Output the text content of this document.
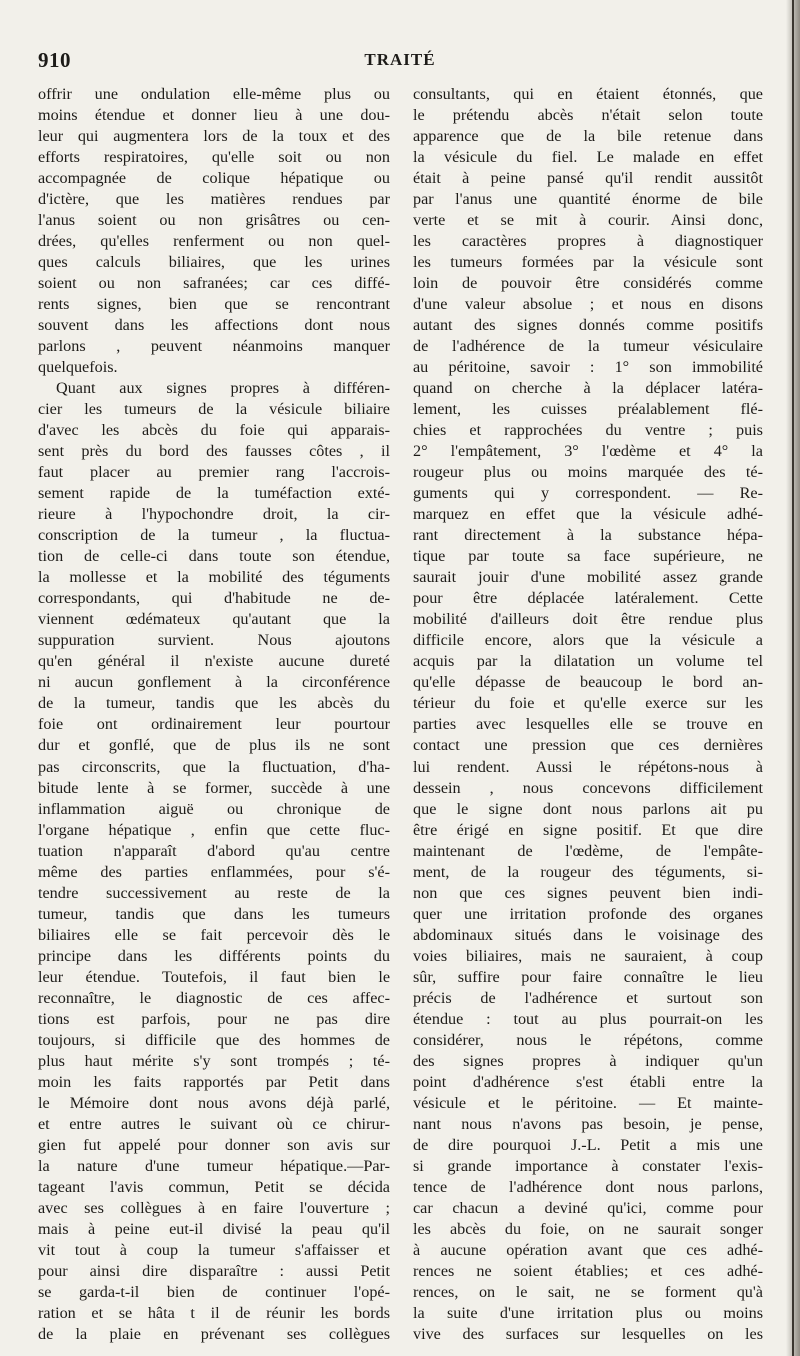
910	TRAITÉ
offrir une ondulation elle-même plus ou
moins étendue et donner lieu à une dou-
leur qui augmentera lors de la toux et des
efforts respiratoires, qu'elle soit ou non
accompagnée de colique hépatique ou
d'ictère, que les matières rendues par
l'anus soient ou non grisâtres ou cen-
drées, qu'elles renferment ou non quel-
ques calculs biliaires, que les urines
soient ou non safranées; car ces diffé-
rents signes, bien que se rencontrant
souvent dans les affections dont nous
parlons , peuvent néanmoins manquer
quelquefois.
Quant aux signes propres à différen-
cier les tumeurs de la vésicule biliaire
d'avec les abcès du foie qui apparais-
sent près du bord des fausses côtes , il
faut placer au premier rang l'accrois-
sement rapide de la tuméfaction exté-
rieure à l'hypochondre droit, la cir-
conscription de la tumeur , la fluctua-
tion de celle-ci dans toute son étendue,
la mollesse et la mobilité des téguments
correspondants, qui d'habitude ne de-
viennent œdémateux qu'autant que la
suppuration survient. Nous ajoutons
qu'en général il n'existe aucune dureté
ni aucun gonflement à la circonférence
de la tumeur, tandis que les abcès du
foie ont ordinairement leur pourtour
dur et gonflé, que de plus ils ne sont
pas circonscrits, que la fluctuation, d'ha-
bitude lente à se former, succède à une
inflammation aiguë ou chronique de
l'organe hépatique , enfin que cette fluc-
tuation n'apparaît d'abord qu'au centre
même des parties enflammées, pour s'é-
tendre successivement au reste de la
tumeur, tandis que dans les tumeurs
biliaires elle se fait percevoir dès le
principe dans les différents points du
leur étendue. Toutefois, il faut bien le
reconnaître, le diagnostic de ces affec-
tions est parfois, pour ne pas dire
toujours, si difficile que des hommes de
plus haut mérite s'y sont trompés ; té-
moin les faits rapportés par Petit dans
le Mémoire dont nous avons déjà parlé,
et entre autres le suivant où ce chirur-
gien fut appelé pour donner son avis sur
la nature d'une tumeur hépatique.—Par-
tageant l'avis commun, Petit se décida
avec ses collègues à en faire l'ouverture ;
mais à peine eut-il divisé la peau qu'il
vit tout à coup la tumeur s'affaisser et
pour ainsi dire disparaître : aussi Petit
se garda-t-il bien de continuer l'opé-
ration et se hâta t il de réunir les bords
de la plaie en prévenant ses collègues
consultants, qui en étaient étonnés, que
le prétendu abcès n'était selon toute
apparence que de la bile retenue dans
la vésicule du fiel. Le malade en effet
était à peine pansé qu'il rendit aussitôt
par l'anus une quantité énorme de bile
verte et se mit à courir. Ainsi donc,
les caractères propres à diagnostiquer
les tumeurs formées par la vésicule sont
loin de pouvoir être considérés comme
d'une valeur absolue ; et nous en disons
autant des signes donnés comme positifs
de l'adhérence de la tumeur vésiculaire
au péritoine, savoir : 1° son immobilité
quand on cherche à la déplacer latéra-
lement, les cuisses préalablement flé-
chies et rapprochées du ventre ; puis
2° l'empâtement, 3° l'œdème et 4° la
rougeur plus ou moins marquée des té-
guments qui y correspondent. — Re-
marquez en effet que la vésicule adhé-
rant directement à la substance hépa-
tique par toute sa face supérieure, ne
saurait jouir d'une mobilité assez grande
pour être déplacée latéralement. Cette
mobilité d'ailleurs doit être rendue plus
difficile encore, alors que la vésicule a
acquis par la dilatation un volume tel
qu'elle dépasse de beaucoup le bord an-
térieur du foie et qu'elle exerce sur les
parties avec lesquelles elle se trouve en
contact une pression que ces dernières
lui rendent. Aussi le répétons-nous à
dessein , nous concevons difficilement
que le signe dont nous parlons ait pu
être érigé en signe positif. Et que dire
maintenant de l'œdème, de l'empâte-
ment, de la rougeur des téguments, si-
non que ces signes peuvent bien indi-
quer une irritation profonde des organes
abdominaux situés dans le voisinage des
voies biliaires, mais ne sauraient, à coup
sûr, suffire pour faire connaître le lieu
précis de l'adhérence et surtout son
étendue : tout au plus pourrait-on les
considérer, nous le répétons, comme
des signes propres à indiquer qu'un
point d'adhérence s'est établi entre la
vésicule et le péritoine. — Et mainte-
nant nous n'avons pas besoin, je pense,
de dire pourquoi J.-L. Petit a mis une
si grande importance à constater l'exis-
tence de l'adhérence dont nous parlons,
car chacun a deviné qu'ici, comme pour
les abcès du foie, on ne saurait songer
à aucune opération avant que ces adhé-
rences ne soient établies; et ces adhé-
rences, on le sait, ne se forment qu'à
la suite d'une irritation plus ou moins
vive des surfaces sur lesquelles on les
